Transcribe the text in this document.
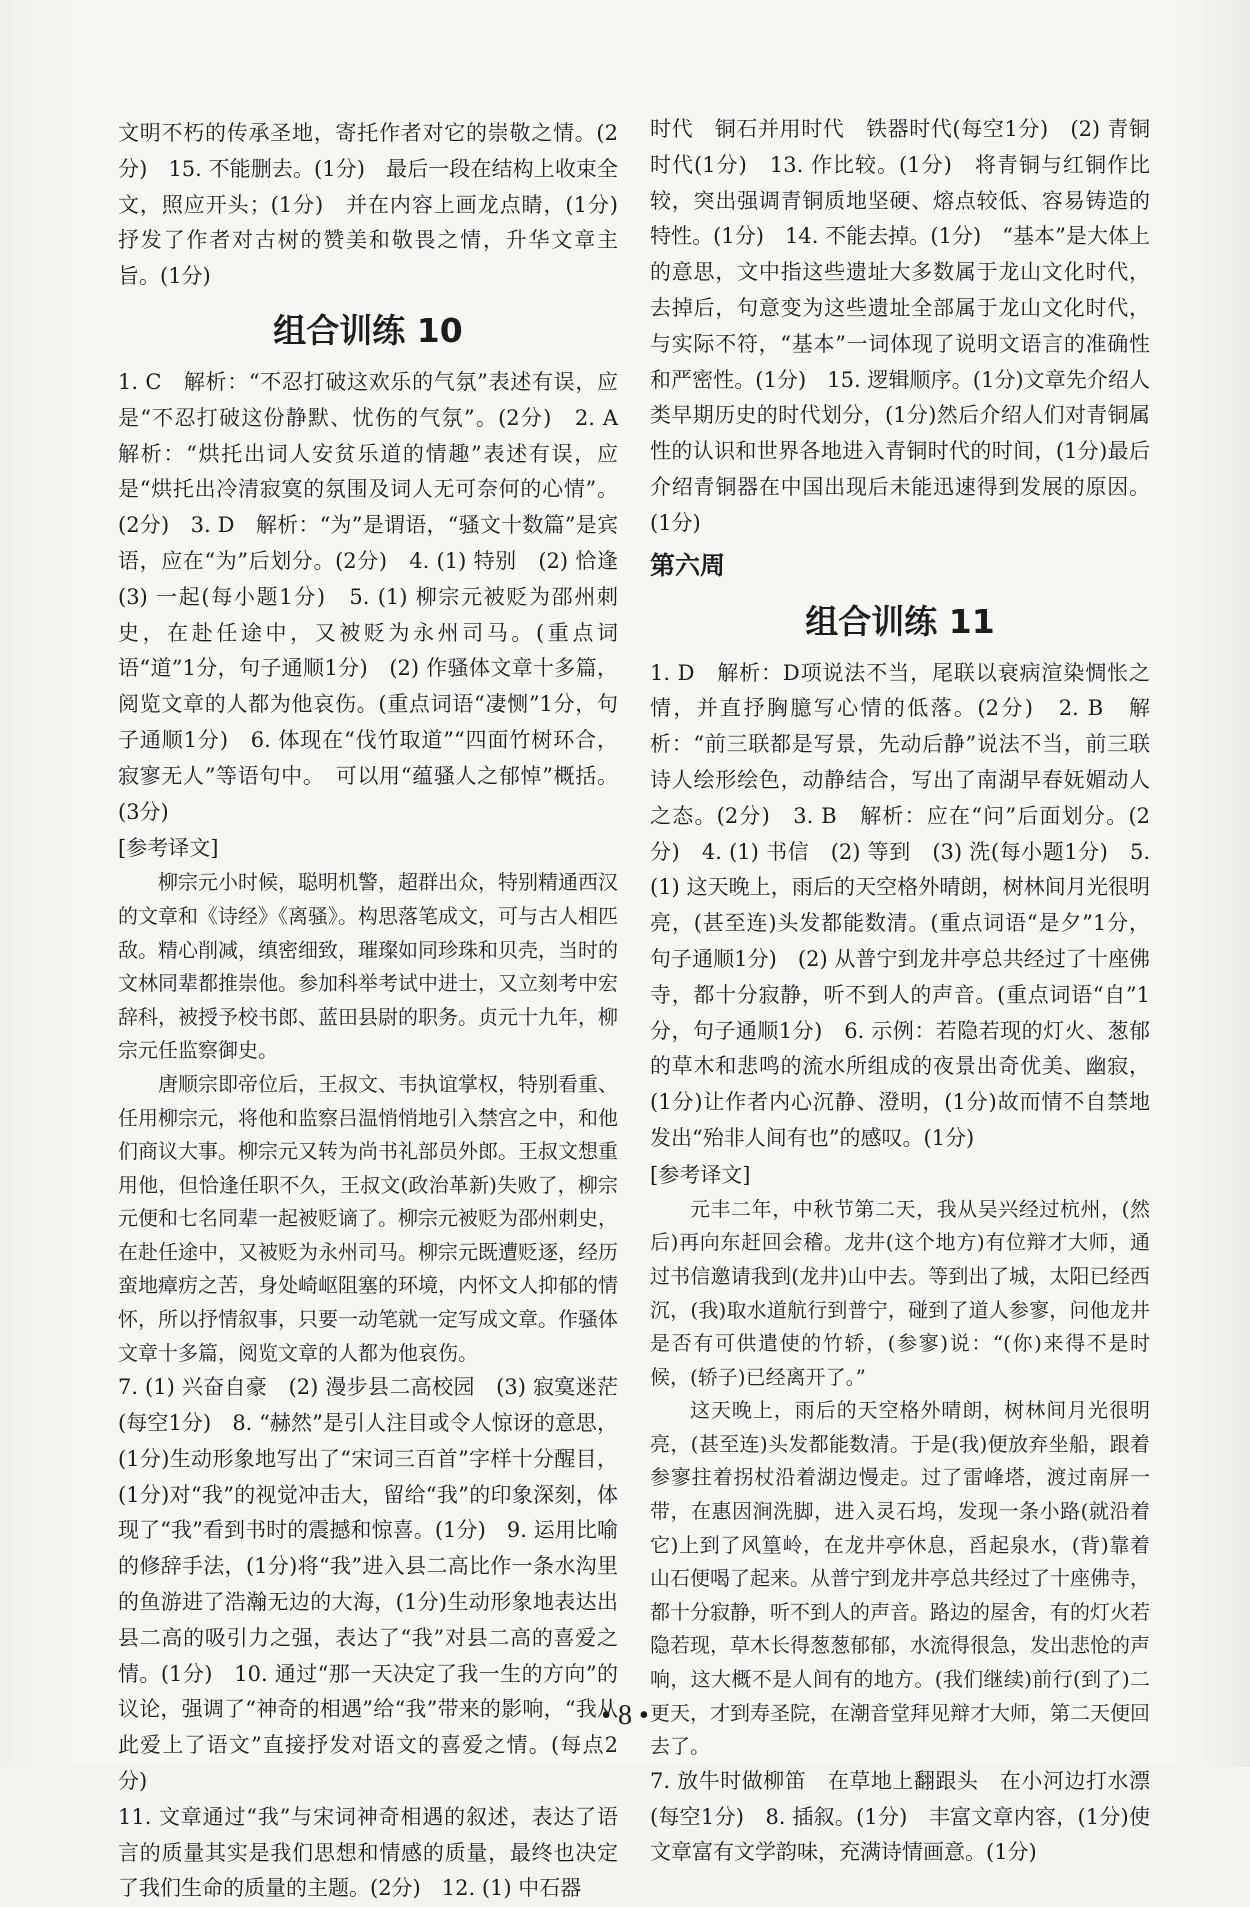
文明不朽的传承圣地，寄托作者对它的崇敬之情。(2分)　15. 不能删去。(1分)　最后一段在结构上收束全文，照应开头；(1分)　并在内容上画龙点睛，(1分)抒发了作者对古树的赞美和敬畏之情，升华文章主旨。(1分)

组合训练 10

1. C　解析：“不忍打破这欢乐的气氛”表述有误，应是“不忍打破这份静默、忧伤的气氛”。(2分)　2. A　解析：“烘托出词人安贫乐道的情趣”表述有误，应是“烘托出冷清寂寞的氛围及词人无可奈何的心情”。(2分)　3. D　解析：“为”是谓语，“骚文十数篇”是宾语，应在“为”后划分。(2分)　4. (1) 特别　(2) 恰逢　(3) 一起(每小题1分)　5. (1) 柳宗元被贬为邵州刺史，在赴任途中，又被贬为永州司马。(重点词语“道”1分，句子通顺1分)　(2) 作骚体文章十多篇，阅览文章的人都为他哀伤。(重点词语“凄恻”1分，句子通顺1分)　6. 体现在“伐竹取道”“四面竹树环合，寂寥无人”等语句中。　可以用“蕴骚人之郁悼”概括。(3分)

[参考译文]

柳宗元小时候，聪明机警，超群出众，特别精通西汉的文章和《诗经》《离骚》。构思落笔成文，可与古人相匹敌。精心削减，缜密细致，璀璨如同珍珠和贝壳，当时的文林同辈都推崇他。参加科举考试中进士，又立刻考中宏辞科，被授予校书郎、蓝田县尉的职务。贞元十九年，柳宗元任监察御史。

唐顺宗即帝位后，王叔文、韦执谊掌权，特别看重、任用柳宗元，将他和监察吕温悄悄地引入禁宫之中，和他们商议大事。柳宗元又转为尚书礼部员外郎。王叔文想重用他，但恰逢任职不久，王叔文(政治革新)失败了，柳宗元便和七名同辈一起被贬谪了。柳宗元被贬为邵州刺史，在赴任途中，又被贬为永州司马。柳宗元既遭贬逐，经历蛮地瘴疠之苦，身处崎岖阻塞的环境，内怀文人抑郁的情怀，所以抒情叙事，只要一动笔就一定写成文章。作骚体文章十多篇，阅览文章的人都为他哀伤。

7. (1) 兴奋自豪　(2) 漫步县二高校园　(3) 寂寞迷茫(每空1分)　8. “赫然”是引人注目或令人惊讶的意思，(1分)生动形象地写出了“宋词三百首”字样十分醒目，(1分)对“我”的视觉冲击大，留给“我”的印象深刻，体现了“我”看到书时的震撼和惊喜。(1分)　9. 运用比喻的修辞手法，(1分)将“我”进入县二高比作一条水沟里的鱼游进了浩瀚无边的大海，(1分)生动形象地表达出县二高的吸引力之强，表达了“我”对县二高的喜爱之情。(1分)　10. 通过“那一天决定了我一生的方向”的议论，强调了“神奇的相遇”给“我”带来的影响，“我从此爱上了语文”直接抒发对语文的喜爱之情。(每点2分)

11. 文章通过“我”与宋词神奇相遇的叙述，表达了语言的质量其实是我们思想和情感的质量，最终也决定了我们生命的质量的主题。(2分)　12. (1) 中石器

时代　铜石并用时代　铁器时代(每空1分)　(2) 青铜时代(1分)　13. 作比较。(1分)　将青铜与红铜作比较，突出强调青铜质地坚硬、熔点较低、容易铸造的特性。(1分)　14. 不能去掉。(1分)　“基本”是大体上的意思，文中指这些遗址大多数属于龙山文化时代，去掉后，句意变为这些遗址全部属于龙山文化时代，与实际不符，“基本”一词体现了说明文语言的准确性和严密性。(1分)　15. 逻辑顺序。(1分)文章先介绍人类早期历史的时代划分，(1分)然后介绍人们对青铜属性的认识和世界各地进入青铜时代的时间，(1分)最后介绍青铜器在中国出现后未能迅速得到发展的原因。(1分)

第六周
组合训练 11

1. D　解析：D项说法不当，尾联以衰病渲染惆怅之情，并直抒胸臆写心情的低落。(2分)　2. B　解析：“前三联都是写景，先动后静”说法不当，前三联诗人绘形绘色，动静结合，写出了南湖早春妩媚动人之态。(2分)　3. B　解析：应在“问”后面划分。(2分)　4. (1) 书信　(2) 等到　(3) 洗(每小题1分)　5. (1) 这天晚上，雨后的天空格外晴朗，树林间月光很明亮，(甚至连)头发都能数清。(重点词语“是夕”1分，句子通顺1分)　(2) 从普宁到龙井亭总共经过了十座佛寺，都十分寂静，听不到人的声音。(重点词语“自”1分，句子通顺1分)　6. 示例：若隐若现的灯火、葱郁的草木和悲鸣的流水所组成的夜景出奇优美、幽寂，(1分)让作者内心沉静、澄明，(1分)故而情不自禁地发出“殆非人间有也”的感叹。(1分)

[参考译文]

元丰二年，中秋节第二天，我从吴兴经过杭州，(然后)再向东赶回会稽。龙井(这个地方)有位辩才大师，通过书信邀请我到(龙井)山中去。等到出了城，太阳已经西沉，(我)取水道航行到普宁，碰到了道人参寥，问他龙井是否有可供遣使的竹轿，(参寥)说：“(你)来得不是时候，(轿子)已经离开了。”

这天晚上，雨后的天空格外晴朗，树林间月光很明亮，(甚至连)头发都能数清。于是(我)便放弃坐船，跟着参寥拄着拐杖沿着湖边慢走。过了雷峰塔，渡过南屏一带，在惠因涧洗脚，进入灵石坞，发现一条小路(就沿着它)上到了风篁岭，在龙井亭休息，舀起泉水，(背)靠着山石便喝了起来。从普宁到龙井亭总共经过了十座佛寺，都十分寂静，听不到人的声音。路边的屋舍，有的灯火若隐若现，草木长得葱葱郁郁，水流得很急，发出悲怆的声响，这大概不是人间有的地方。(我们继续)前行(到了)二更天，才到寿圣院，在潮音堂拜见辩才大师，第二天便回去了。

7. 放牛时做柳笛　在草地上翻跟头　在小河边打水漂(每空1分)　8. 插叙。(1分)　丰富文章内容，(1分)使文章富有文学韵味，充满诗情画意。(1分)

• 8 •
